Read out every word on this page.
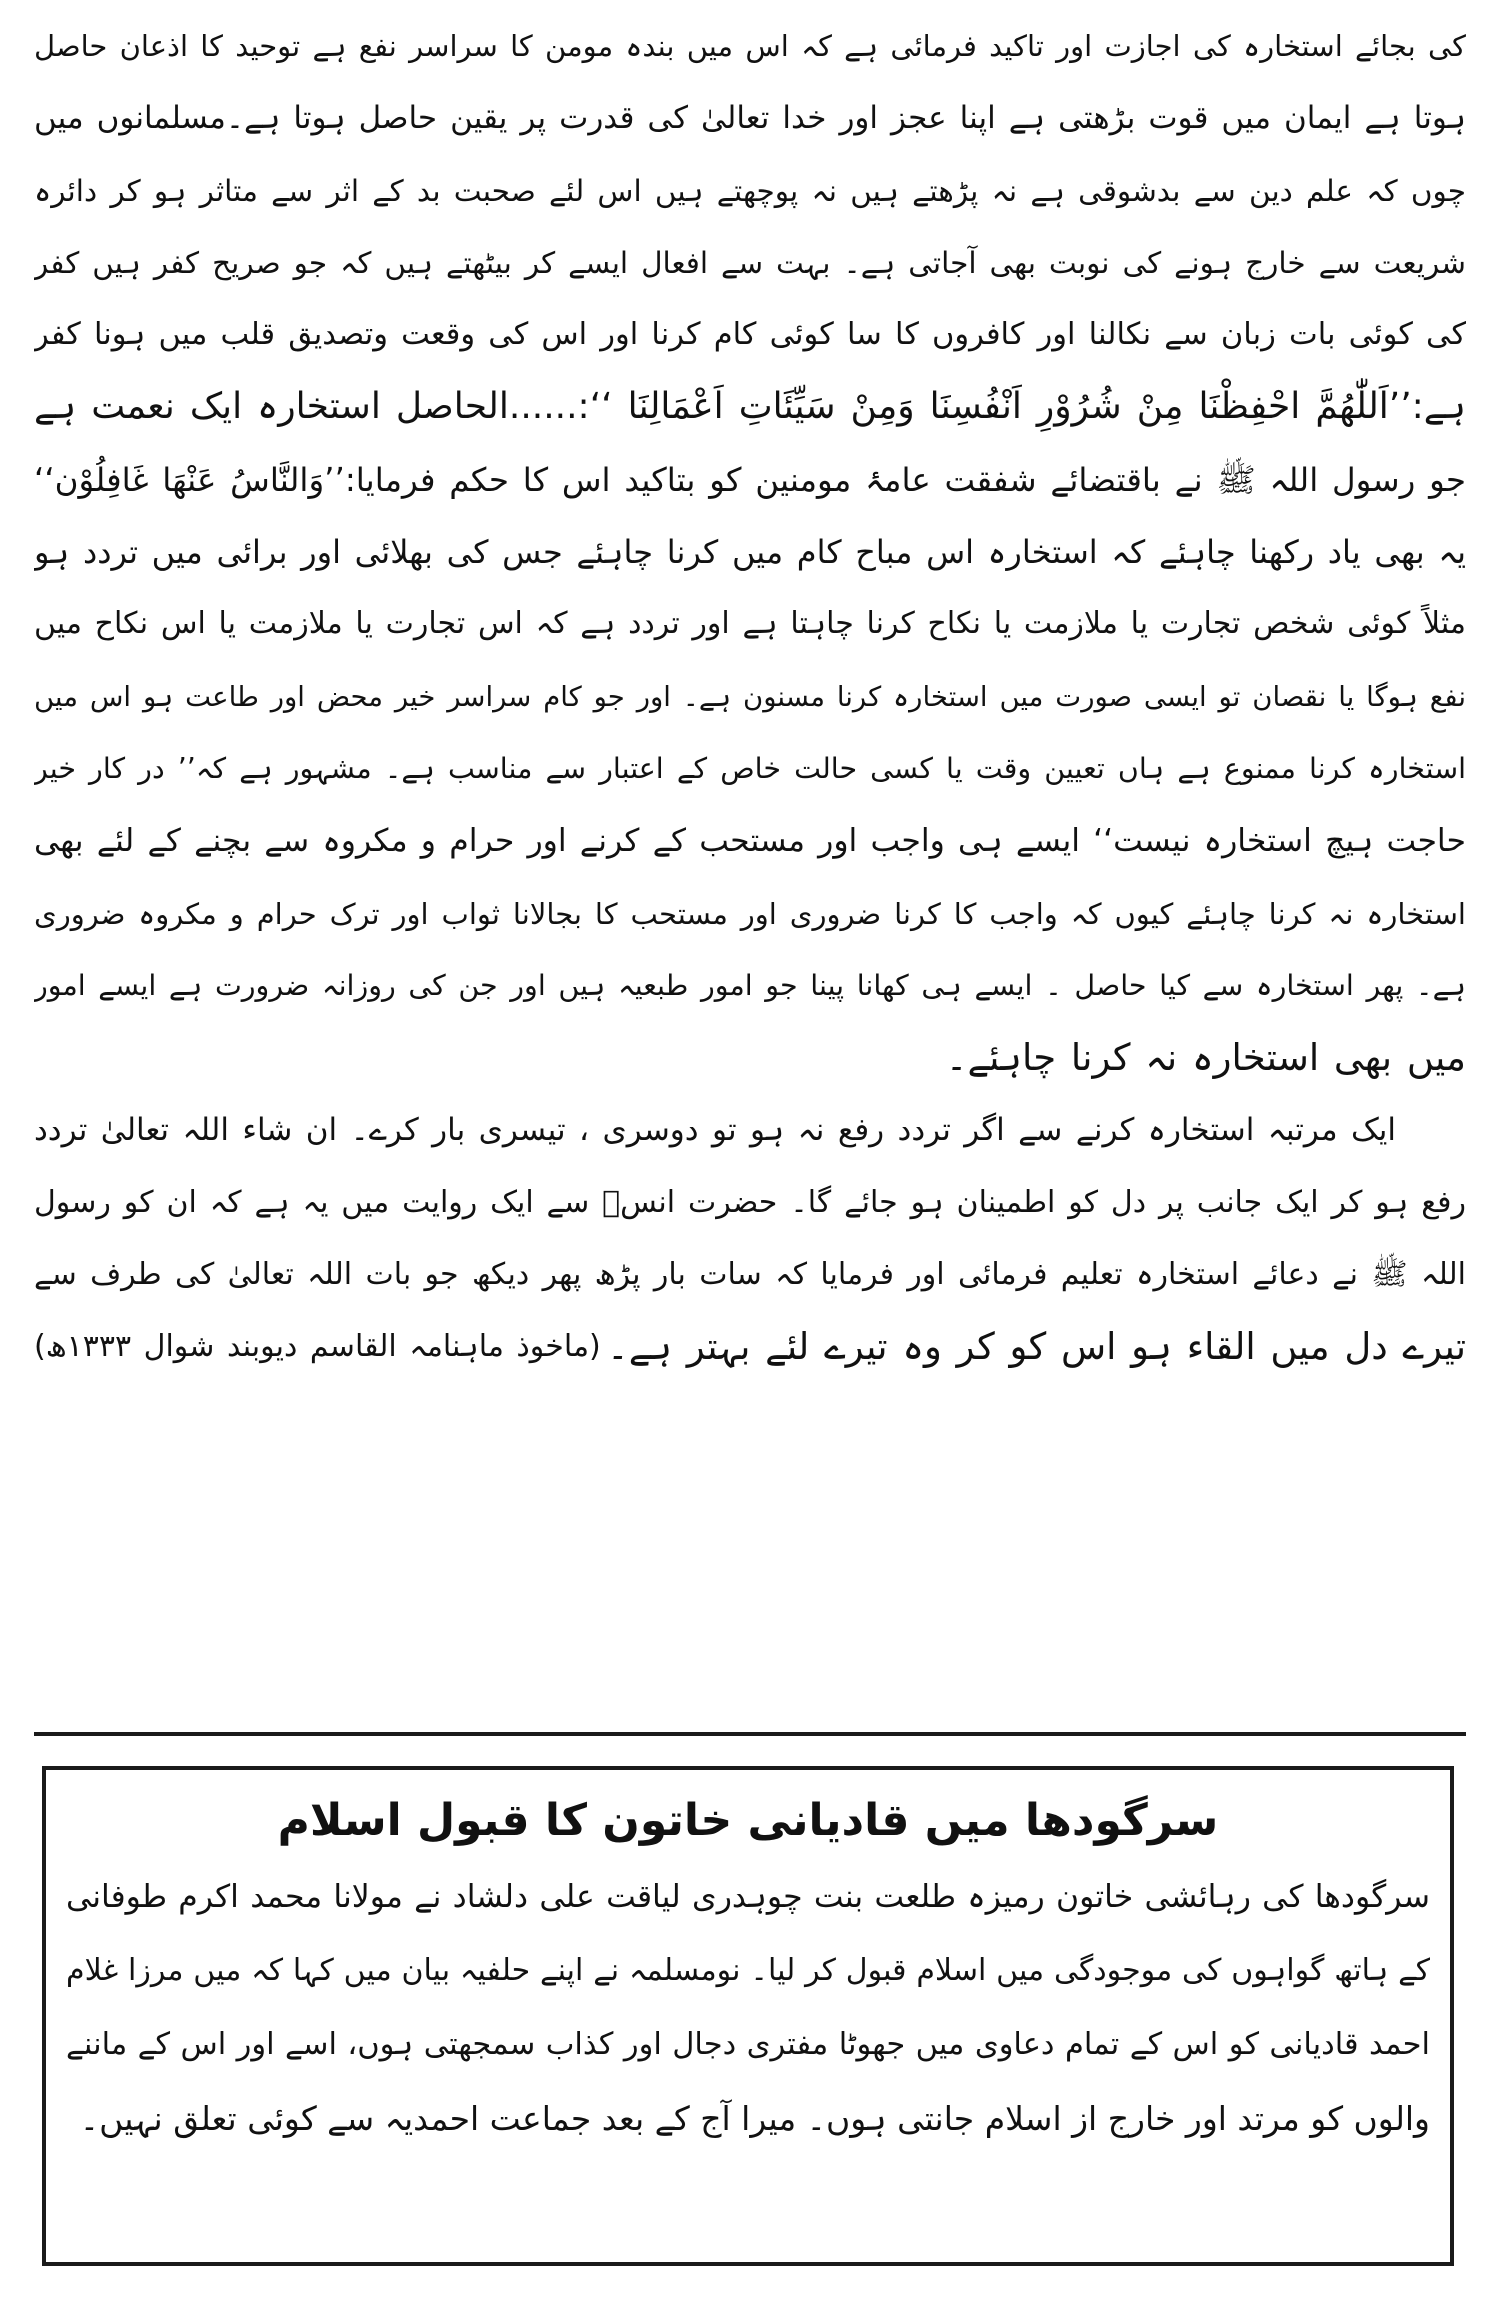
کی بجائے استخارہ کی اجازت اور تاکید فرمائی ہے کہ اس میں بندہ مومن کا سراسر نفع ہے توحید کا اذعان حاصل
ہوتا ہے ایمان میں قوت بڑھتی ہے اپنا عجز اور خدا تعالیٰ کی قدرت پر یقین حاصل ہوتا ہے۔مسلمانوں میں
چوں کہ علم دین سے بدشوقی ہے نہ پڑھتے ہیں نہ پوچھتے ہیں اس لئے صحبت بد کے اثر سے متاثر ہو کر دائرہ
شریعت سے خارج ہونے کی نوبت بھی آجاتی ہے۔ بہت سے افعال ایسے کر بیٹھتے ہیں کہ جو صریح کفر ہیں کفر
کی کوئی بات زبان سے نکالنا اور کافروں کا سا کوئی کام کرنا اور اس کی وقعت وتصدیق قلب میں ہونا کفر
ہے:’’اَللّٰھُمَّ احْفِظْنَا مِنْ شُرُوْرِ اَنْفُسِنَا وَمِنْ سَیِّئَاتِ اَعْمَالِنَا ‘‘:......الحاصل استخارہ ایک نعمت ہے
جو رسول اللہ ﷺ نے باقتضائے شفقت عامۂ مومنین کو بتاکید اس کا حکم فرمایا:’’وَالنَّاسُ عَنْھَا غَافِلُوْن‘‘
یہ بھی یاد رکھنا چاہئے کہ استخارہ اس مباح کام میں کرنا چاہئے جس کی بھلائی اور برائی میں تردد ہو
مثلاً کوئی شخص تجارت یا ملازمت یا نکاح کرنا چاہتا ہے اور تردد ہے کہ اس تجارت یا ملازمت یا اس نکاح میں
نفع ہوگا یا نقصان تو ایسی صورت میں استخارہ کرنا مسنون ہے۔ اور جو کام سراسر خیر محض اور طاعت ہو اس میں
استخارہ کرنا ممنوع ہے ہاں تعیین وقت یا کسی حالت خاص کے اعتبار سے مناسب ہے۔ مشہور ہے کہ’’ در کار خیر
حاجت ہیچ استخارہ نیست‘‘ ایسے ہی واجب اور مستحب کے کرنے اور حرام و مکروہ سے بچنے کے لئے بھی
استخارہ نہ کرنا چاہئے کیوں کہ واجب کا کرنا ضروری اور مستحب کا بجالانا ثواب اور ترک حرام و مکروہ ضروری
ہے۔ پھر استخارہ سے کیا حاصل ۔ ایسے ہی کھانا پینا جو امور طبعیہ ہیں اور جن کی روزانہ ضرورت ہے ایسے امور
میں بھی استخارہ نہ کرنا چاہئے۔
ایک مرتبہ استخارہ کرنے سے اگر تردد رفع نہ ہو تو دوسری ، تیسری بار کرے۔ ان شاء اللہ تعالیٰ تردد
رفع ہو کر ایک جانب پر دل کو اطمینان ہو جائے گا۔ حضرت انسؓ سے ایک روایت میں یہ ہے کہ ان کو رسول
اللہ ﷺ نے دعائے استخارہ تعلیم فرمائی اور فرمایا کہ سات بار پڑھ پھر دیکھ جو بات اللہ تعالیٰ کی طرف سے
تیرے دل میں القاء ہو اس کو کر وہ تیرے لئے بہتر ہے۔
(ماخوذ ماہنامہ القاسم دیوبند شوال ۱۳۳۳ھ)
سرگودھا میں قادیانی خاتون کا قبول اسلام
سرگودھا کی رہائشی خاتون رمیزہ طلعت بنت چوہدری لیاقت علی دلشاد نے مولانا محمد اکرم طوفانی
کے ہاتھ گواہوں کی موجودگی میں اسلام قبول کر لیا۔ نومسلمہ نے اپنے حلفیہ بیان میں کہا کہ میں مرزا غلام
احمد قادیانی کو اس کے تمام دعاوی میں جھوٹا مفتری دجال اور کذاب سمجھتی ہوں، اسے اور اس کے ماننے
والوں کو مرتد اور خارج از اسلام جانتی ہوں۔ میرا آج کے بعد جماعت احمدیہ سے کوئی تعلق نہیں۔
